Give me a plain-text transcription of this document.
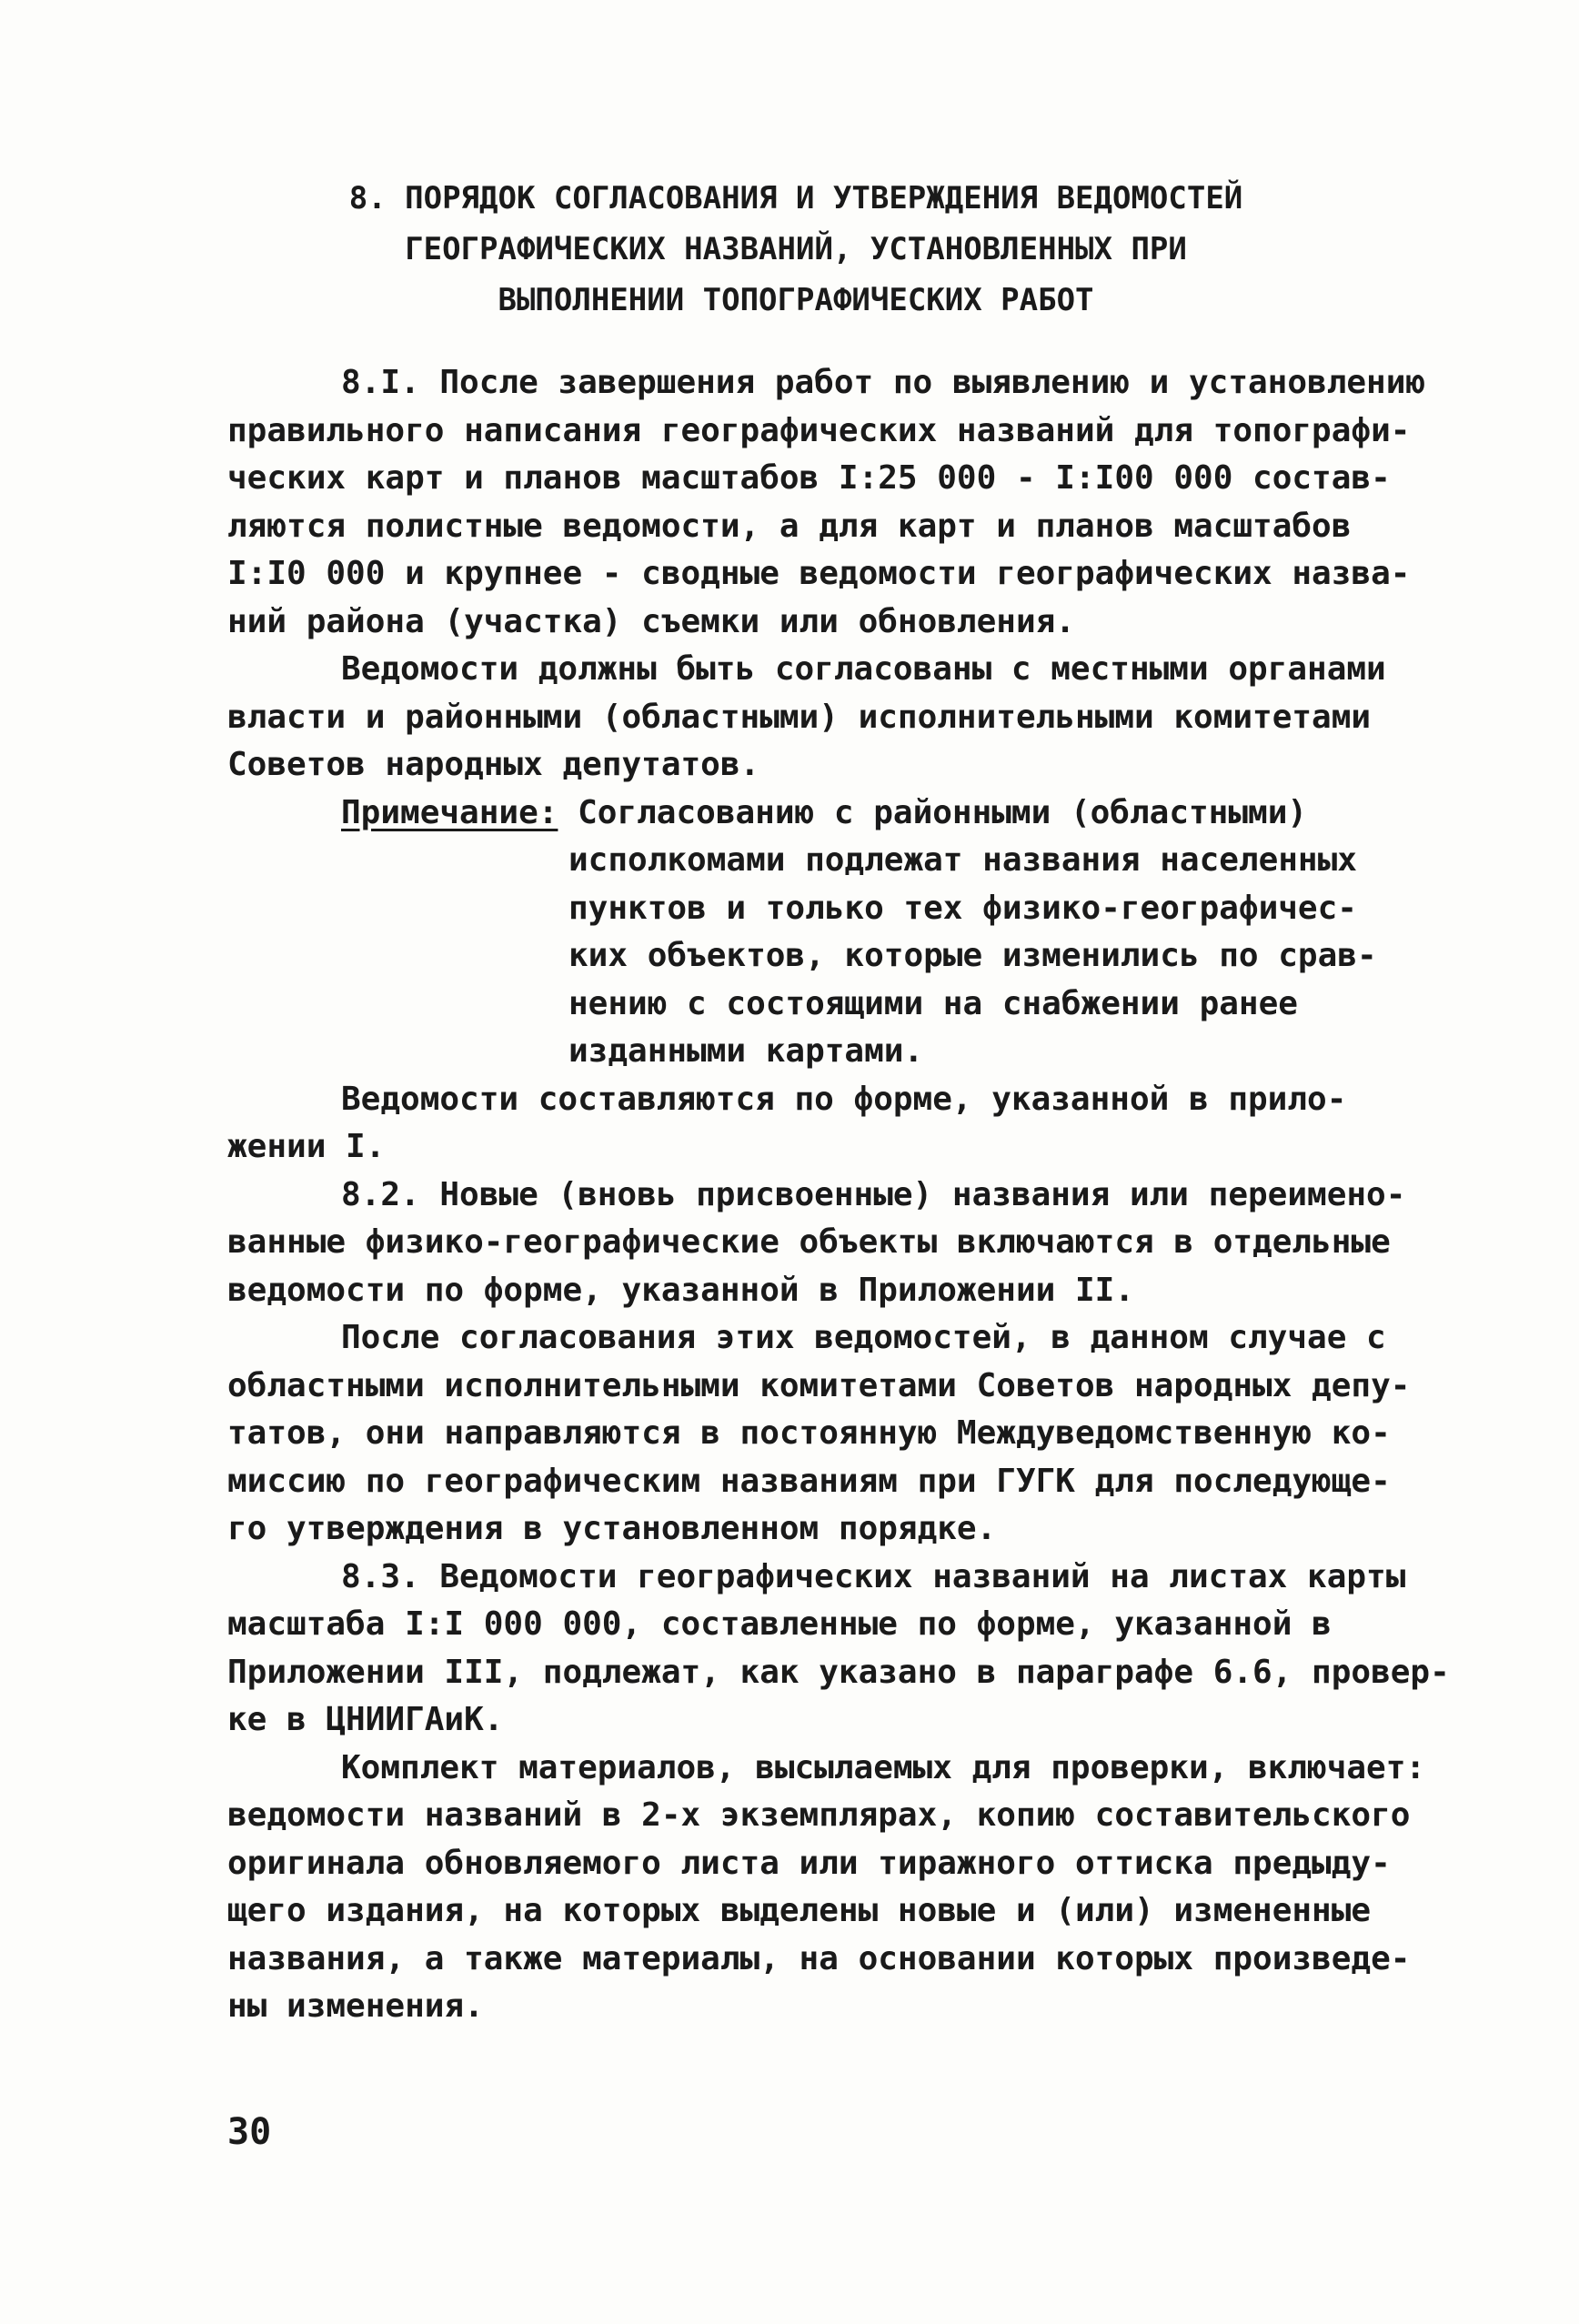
8. ПОРЯДОК СОГЛАСОВАНИЯ И УТВЕРЖДЕНИЯ ВЕДОМОСТЕЙ
ГЕОГРАФИЧЕСКИХ НАЗВАНИЙ, УСТАНОВЛЕННЫХ ПРИ
ВЫПОЛНЕНИИ ТОПОГРАФИЧЕСКИХ РАБОТ
8.I. После завершения работ по выявлению и установлению
правильного написания географических названий для топографи-
ческих карт и планов масштабов I:25 000 - I:I00 000 состав-
ляются полистные ведомости, а для карт и планов масштабов
I:I0 000 и крупнее - сводные ведомости географических назва-
ний района (участка) съемки или обновления.
Ведомости должны быть согласованы с местными органами
власти и районными (областными) исполнительными комитетами
Советов народных депутатов.
Примечание: Согласованию с районными (областными)
исполкомами подлежат названия населенных
пунктов и только тех физико-географичес-
ких объектов, которые изменились по срав-
нению с состоящими на снабжении ранее
изданными картами.
Ведомости составляются по форме, указанной в прило-
жении I.
8.2. Новые (вновь присвоенные) названия или переимено-
ванные физико-географические объекты включаются в отдельные
ведомости по форме, указанной в Приложении II.
После согласования этих ведомостей, в данном случае с
областными исполнительными комитетами Советов народных депу-
татов, они направляются в постоянную Междуведомственную ко-
миссию по географическим названиям при ГУГК для последующе-
го утверждения в установленном порядке.
8.3. Ведомости географических названий на листах карты
масштаба I:I 000 000, составленные по форме, указанной в
Приложении III, подлежат, как указано в параграфе 6.6, провер-
ке в ЦНИИГАиК.
Комплект материалов, высылаемых для проверки, включает:
ведомости названий в 2-х экземплярах, копию составительского
оригинала обновляемого листа или тиражного оттиска предыду-
щего издания, на которых выделены новые и (или) измененные
названия, а также материалы, на основании которых произведе-
ны изменения.
30
